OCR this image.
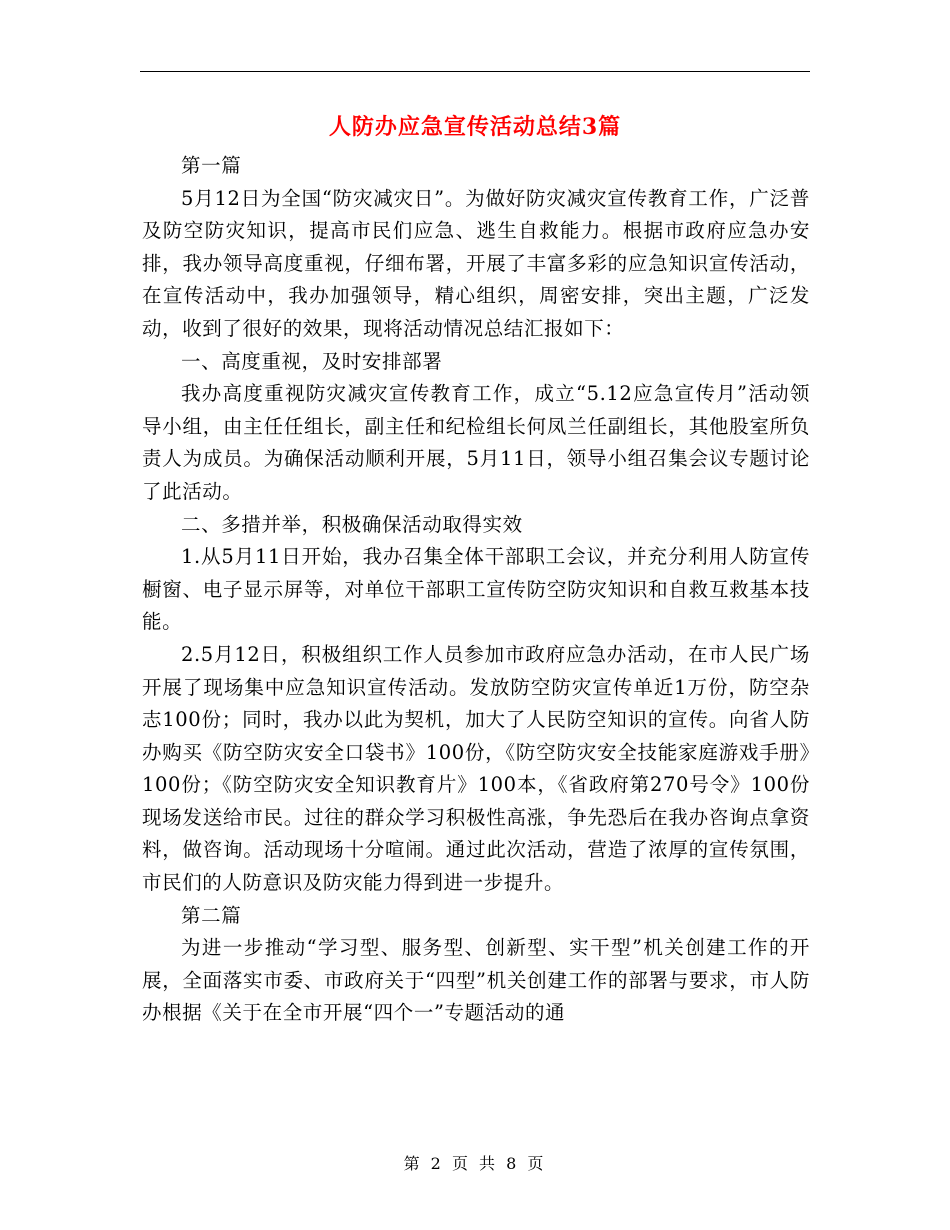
人防办应急宣传活动总结3篇

第一篇

5月12日为全国“防灾减灾日”。为做好防灾减灾宣传教育工作，广泛普及防空防灾知识，提高市民们应急、逃生自救能力。根据市政府应急办安排，我办领导高度重视，仔细布署，开展了丰富多彩的应急知识宣传活动，在宣传活动中，我办加强领导，精心组织，周密安排，突出主题，广泛发动，收到了很好的效果，现将活动情况总结汇报如下：

一、高度重视，及时安排部署

我办高度重视防灾减灾宣传教育工作，成立“5.12应急宣传月”活动领导小组，由主任任组长，副主任和纪检组长何凤兰任副组长，其他股室所负责人为成员。为确保活动顺利开展，5月11日，领导小组召集会议专题讨论了此活动。

二、多措并举，积极确保活动取得实效

1.从5月11日开始，我办召集全体干部职工会议，并充分利用人防宣传橱窗、电子显示屏等，对单位干部职工宣传防空防灾知识和自救互救基本技能。

2.5月12日，积极组织工作人员参加市政府应急办活动，在市人民广场开展了现场集中应急知识宣传活动。发放防空防灾宣传单近1万份，防空杂志100份；同时，我办以此为契机，加大了人民防空知识的宣传。向省人防办购买《防空防灾安全口袋书》100份，《防空防灾安全技能家庭游戏手册》100份；《防空防灾安全知识教育片》100本，《省政府第270号令》100份现场发送给市民。过往的群众学习积极性高涨，争先恐后在我办咨询点拿资料，做咨询。活动现场十分喧闹。通过此次活动，营造了浓厚的宣传氛围，市民们的人防意识及防灾能力得到进一步提升。

第二篇

为进一步推动“学习型、服务型、创新型、实干型”机关创建工作的开展，全面落实市委、市政府关于“四型”机关创建工作的部署与要求，市人防办根据《关于在全市开展“四个一”专题活动的通

第 2 页 共 8 页
